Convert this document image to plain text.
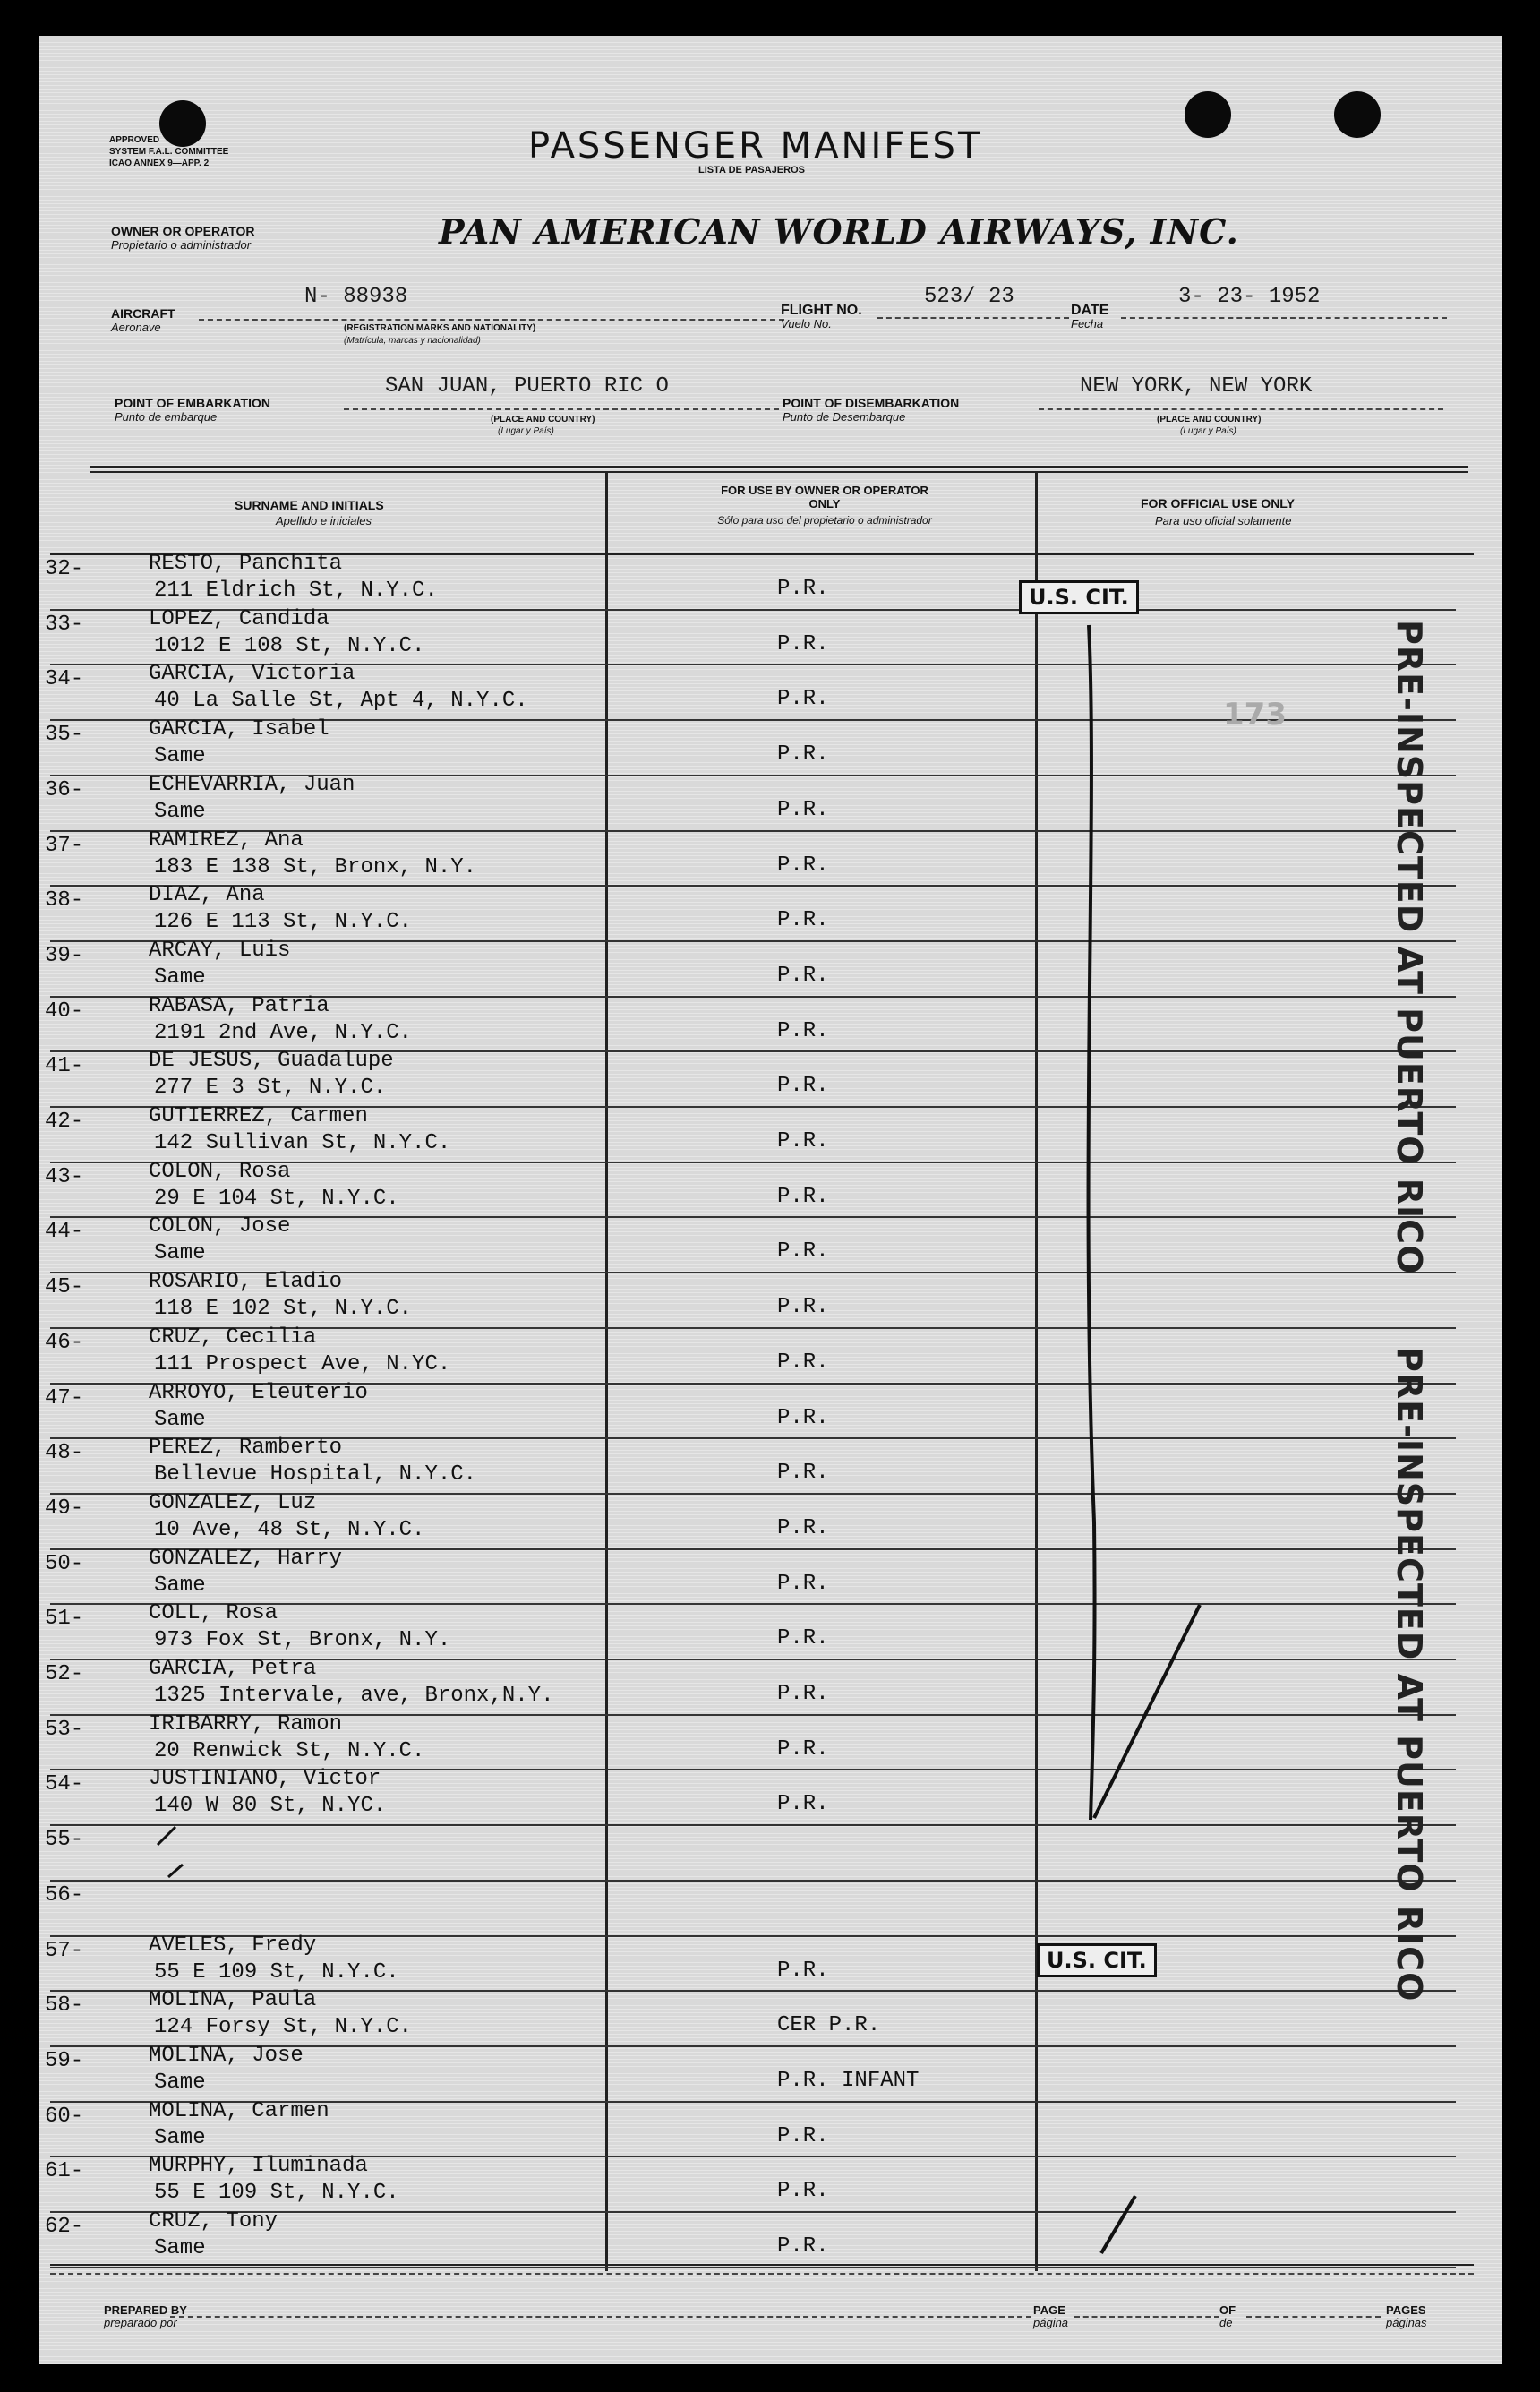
APPROVED
SYSTEM F.A.L. COMMITTEE
ICAO ANNEX 9—APP. 2	PASSENGER MANIFEST
LISTA DE PASAJEROS
OWNER OR OPERATOR
Propietario o administrador	PAN AMERICAN WORLD AIRWAYS, INC.
AIRCRAFT
Aeronave
N- 88938
(REGISTRATION MARKS AND NATIONALITY)
(Matrícula, marcas y nacionalidad)
FLIGHT NO.
Vuelo No.
523/ 23
DATE
Fecha
3- 23- 1952
POINT OF EMBARKATION
Punto de embarque
SAN JUAN, PUERTO RIC O
(PLACE AND COUNTRY)
(Lugar y País)
POINT OF DISEMBARKATION
Punto de Desembarque
NEW YORK, NEW YORK
(PLACE AND COUNTRY)
(Lugar y País)
SURNAME AND INITIALS
Apellido e iniciales
FOR USE BY OWNER OR OPERATOR ONLY
Sólo para uso del propietario o administrador
FOR OFFICIAL USE ONLY
Para uso oficial solamente
32-	RESTO, Panchita
211 Eldrich St, N.Y.C.	P.R.
33-	LOPEZ, Candida
1012 E 108 St, N.Y.C.	P.R.
34-	GARCIA, Victoria
40 La Salle St, Apt 4, N.Y.C.	P.R.
35-	GARCIA, Isabel
Same	P.R.
36-	ECHEVARRIA, Juan
Same	P.R.
37-	RAMIREZ, Ana
183 E 138 St, Bronx, N.Y.	P.R.
38-	DIAZ, Ana
126 E 113 St, N.Y.C.	P.R.
39-	ARCAY, Luis
Same	P.R.
40-	RABASA, Patria
2191 2nd Ave, N.Y.C.	P.R.
41-	DE JESUS, Guadalupe
277 E 3 St, N.Y.C.	P.R.
42-	GUTIERREZ, Carmen
142 Sullivan St, N.Y.C.	P.R.
43-	COLON, Rosa
29 E 104 St, N.Y.C.	P.R.
44-	COLON, Jose
Same	P.R.
45-	ROSARIO, Eladio
118 E 102 St, N.Y.C.	P.R.
46-	CRUZ, Cecilia
111 Prospect Ave, N.YC.	P.R.
47-	ARROYO, Eleuterio
Same	P.R.
48-	PEREZ, Ramberto
Bellevue Hospital, N.Y.C.	P.R.
49-	GONZALEZ, Luz
10 Ave, 48 St, N.Y.C.	P.R.
50-	GONZALEZ, Harry
Same	P.R.
51-	COLL, Rosa
973 Fox St, Bronx, N.Y.	P.R.
52-	GARCIA, Petra
1325 Intervale, ave, Bronx,N.Y.	P.R.
53-	IRIBARRY, Ramon
20 Renwick St, N.Y.C.	P.R.
54-	JUSTINIANO, Victor
140 W 80 St, N.YC.	P.R.
55-
56-
57-	AVELES, Fredy
55 E 109 St, N.Y.C.	P.R.
58-	MOLINA, Paula
124 Forsy St, N.Y.C.	CER P.R.
59-	MOLINA, Jose
Same	P.R. INFANT
60-	MOLINA, Carmen
Same	P.R.
61-	MURPHY, Iluminada
55 E 109 St, N.Y.C.	P.R.
62-	CRUZ, Tony
Same	P.R.
U.S. CIT.
U.S. CIT.
PRE-INSPECTED AT PUERTO RICO
PRE-INSPECTED AT PUERTO RICO
173
PREPARED BY
preparado por
PAGE
página
OF
de
PAGES
páginas
